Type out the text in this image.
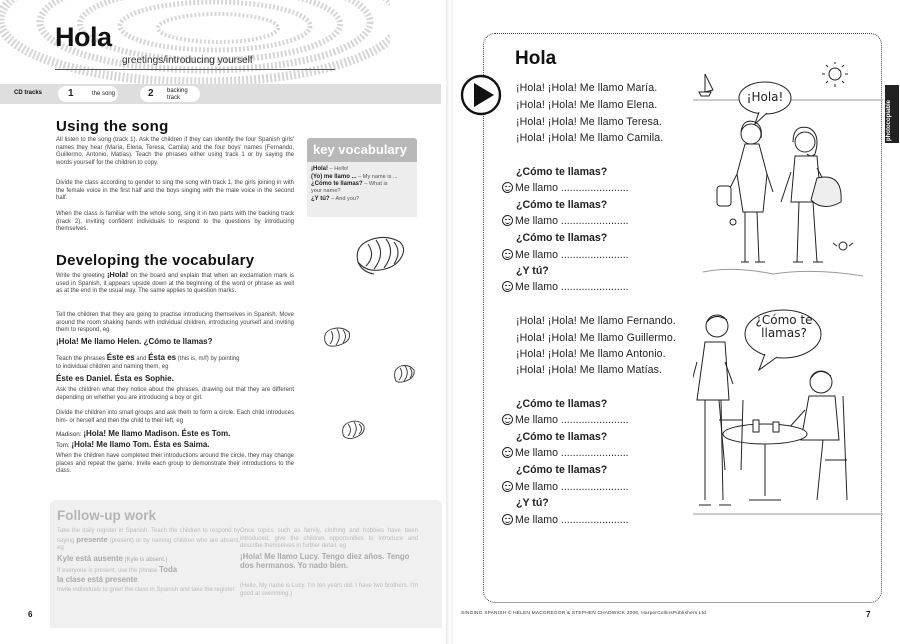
Hola
greetings/introducing yourself
CD tracks	1	the song	2 backing
track
Using the song
All listen to the song (track 1). Ask the children if they can identify the four Spanish girls' names they hear (María, Elena, Teresa, Camila) and the four boys' names (Fernando, Guillermo, Antonio, Matías). Teach the phrases either using track 1 or by saying the words yourself for the children to copy.
Divide the class according to gender to sing the song with track 1, the girls joining in with the female voice in the first half and the boys singing with the male voice in the second half.
When the class is familiar with the whole song, sing it in two parts with the backing track (track 2), inviting confident individuals to respond to the questions by introducing themselves.
key vocabulary
¡Hola! – Hello!
(Yo) me llamo ... – My name is ...
¿Cómo te llamas? – What is
your name?
¿Y tú? – And you?
Developing the vocabulary
Write the greeting ¡Hola! on the board and explain that when an exclamation mark is used in Spanish, it appears upside down at the beginning of the word or phrase as well as at the end in the usual way. The same applies to question marks.
Tell the children that they are going to practise introducing themselves in Spanish. Move around the room shaking hands with individual children, introducing yourself and inviting them to respond, eg
¡Hola! Me llamo Helen. ¿Cómo te llamas?
Teach the phrases Éste es and Ésta es (this is, m/f) by pointing
to individual children and naming them, eg
Éste es Daniel. Ésta es Sophie.
Ask the children what they notice about the phrases, drawing out that they are different depending on whether you are introducing a boy or girl.
Divide the children into small groups and ask them to form a circle. Each child introduces him- or herself and then the child to their left, eg
Madison: ¡Hola! Me llamo Madison. Éste es Tom.
Tom: ¡Hola! Me llamo Tom. Ésta es Saima.
When the children have completed their introductions around the circle, they may change places and repeat the game. Invite each group to demonstrate their introductions to the class.
Follow-up work
Take the daily register in Spanish. Teach the children to respond by saying presente (present) or by naming children who are absent, eg
Kyle está ausente (Kyle is absent.)
If everyone is present, use the phrase Toda
la clase está presente.
Invite individuals to greet the class in Spanish and take the register.
Once topics such as family, clothing and hobbies have been introduced, give the children opportunities to introduce and describe themselves in further detail, eg
¡Hola! Me llamo Lucy. Tengo diez años. Tengo dos hermanos. Yo nado bien.
(Hello, My name is Lucy. I'm ten years old. I have two brothers. I'm good at swimming.)
6
Hola
photocopiable
¡Hola! ¡Hola! Me llamo María.
¡Hola! ¡Hola! Me llamo Elena.
¡Hola! ¡Hola! Me llamo Teresa.
¡Hola! ¡Hola! Me llamo Camila.
¿Cómo te llamas?
Me llamo .......................
¿Cómo te llamas?
Me llamo .......................
¿Cómo te llamas?
Me llamo .......................
¿Y tú?
Me llamo .......................
¡Hola! ¡Hola! Me llamo Fernando.
¡Hola! ¡Hola! Me llamo Guillermo.
¡Hola! ¡Hola! Me llamo Antonio.
¡Hola! ¡Hola! Me llamo Matías.
¿Cómo te llamas?
Me llamo .......................
¿Cómo te llamas?
Me llamo .......................
¿Cómo te llamas?
Me llamo .......................
¿Y tú?
Me llamo .......................
¡Hola!
¿Cómo te
llamas?
SINGING SPANISH © HELEN MACGREGOR & STEPHEN CHADWICK 2006, HarperCollinsPublishers Ltd	7
